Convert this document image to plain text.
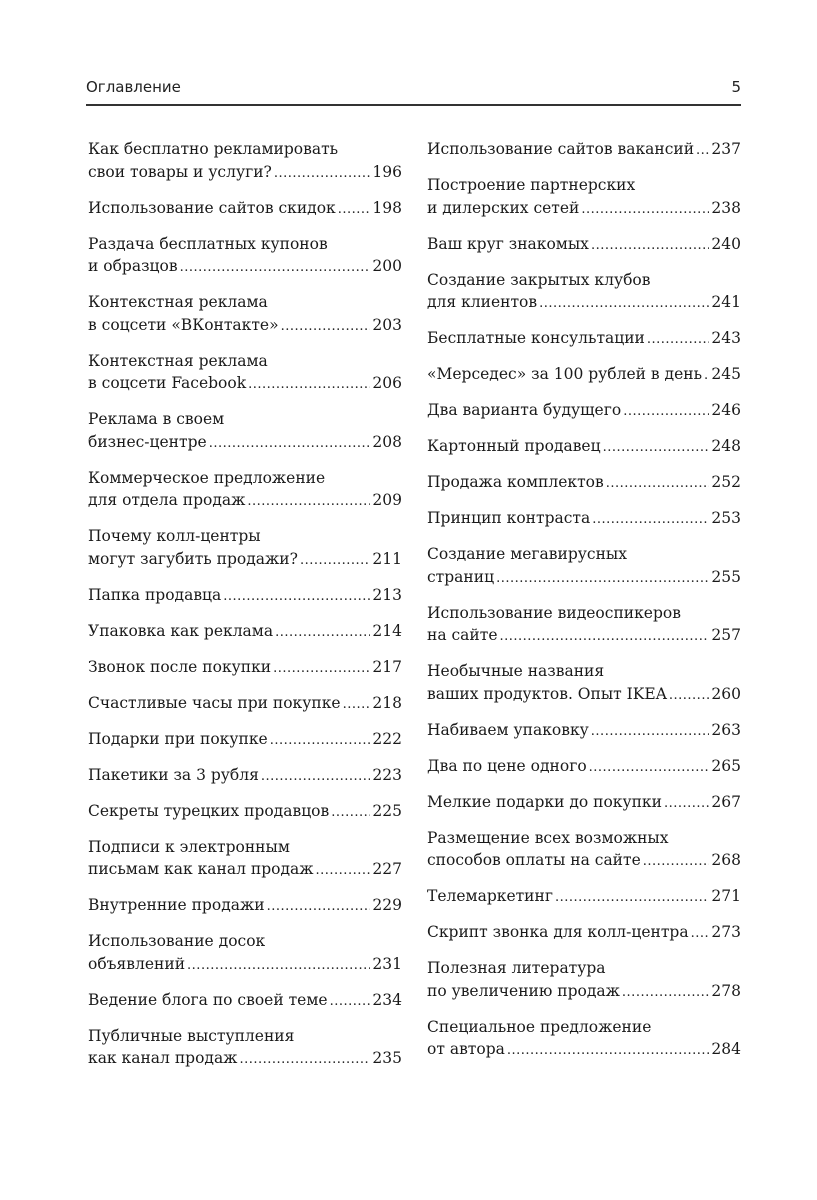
Оглавление	5
Как бесплатно рекламировать
свои товары и услуги? .....	196
Использование сайтов скидок ..... 198
Раздача бесплатных купонов
и образцов .....	200
Контекстная реклама
в соцсети «ВКонтакте» .....	203
Контекстная реклама
в соцсети Facebook .....	206
Реклама в своем
бизнес-центре .....	208
Коммерческое предложение
для отдела продаж .....	209
Почему колл-центры
могут загубить продажи? .....	211
Папка продавца .....	213
Упаковка как реклама .....	214
Звонок после покупки .....	217
Счастливые часы при покупке ..... 218
Подарки при покупке .....	222
Пакетики за 3 рубля .....	223
Секреты турецких продавцов .....	225
Подписи к электронным
письмам как канал продаж .....	227
Внутренние продажи .....	229
Использование досок
объявлений .....	231
Ведение блога по своей теме .....	234
Публичные выступления
как канал продаж .....	235
Использование сайтов вакансий ..... 237
Построение партнерских
и дилерских сетей .....	238
Ваш круг знакомых .....	240
Создание закрытых клубов
для клиентов .....	241
Бесплатные консультации .....	243
«Мерседес» за 100 рублей в день ..... 245
Два варианта будущего .....	246
Картонный продавец .....	248
Продажа комплектов .....	252
Принцип контраста .....	253
Создание мегавирусных
страниц .....	255
Использование видеоспикеров
на сайте .....	257
Необычные названия
ваших продуктов. Опыт IKEA .....	260
Набиваем упаковку .....	263
Два по цене одного .....	265
Мелкие подарки до покупки .....	267
Размещение всех возможных
способов оплаты на сайте .....	268
Телемаркетинг .....	271
Скрипт звонка для колл-центра ..... 273
Полезная литература
по увеличению продаж .....	278
Специальное предложение
от автора .....	284
